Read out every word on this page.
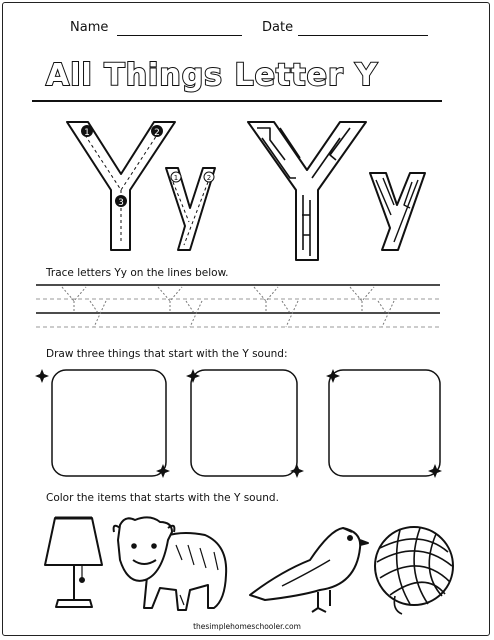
Name	Date
All Things Letter Y
1	2
3
1	2
Trace letters Yy on the lines below.
Draw three things that start with the Y sound:
Color the items that starts with the Y sound.
thesimplehomeschooler.com
